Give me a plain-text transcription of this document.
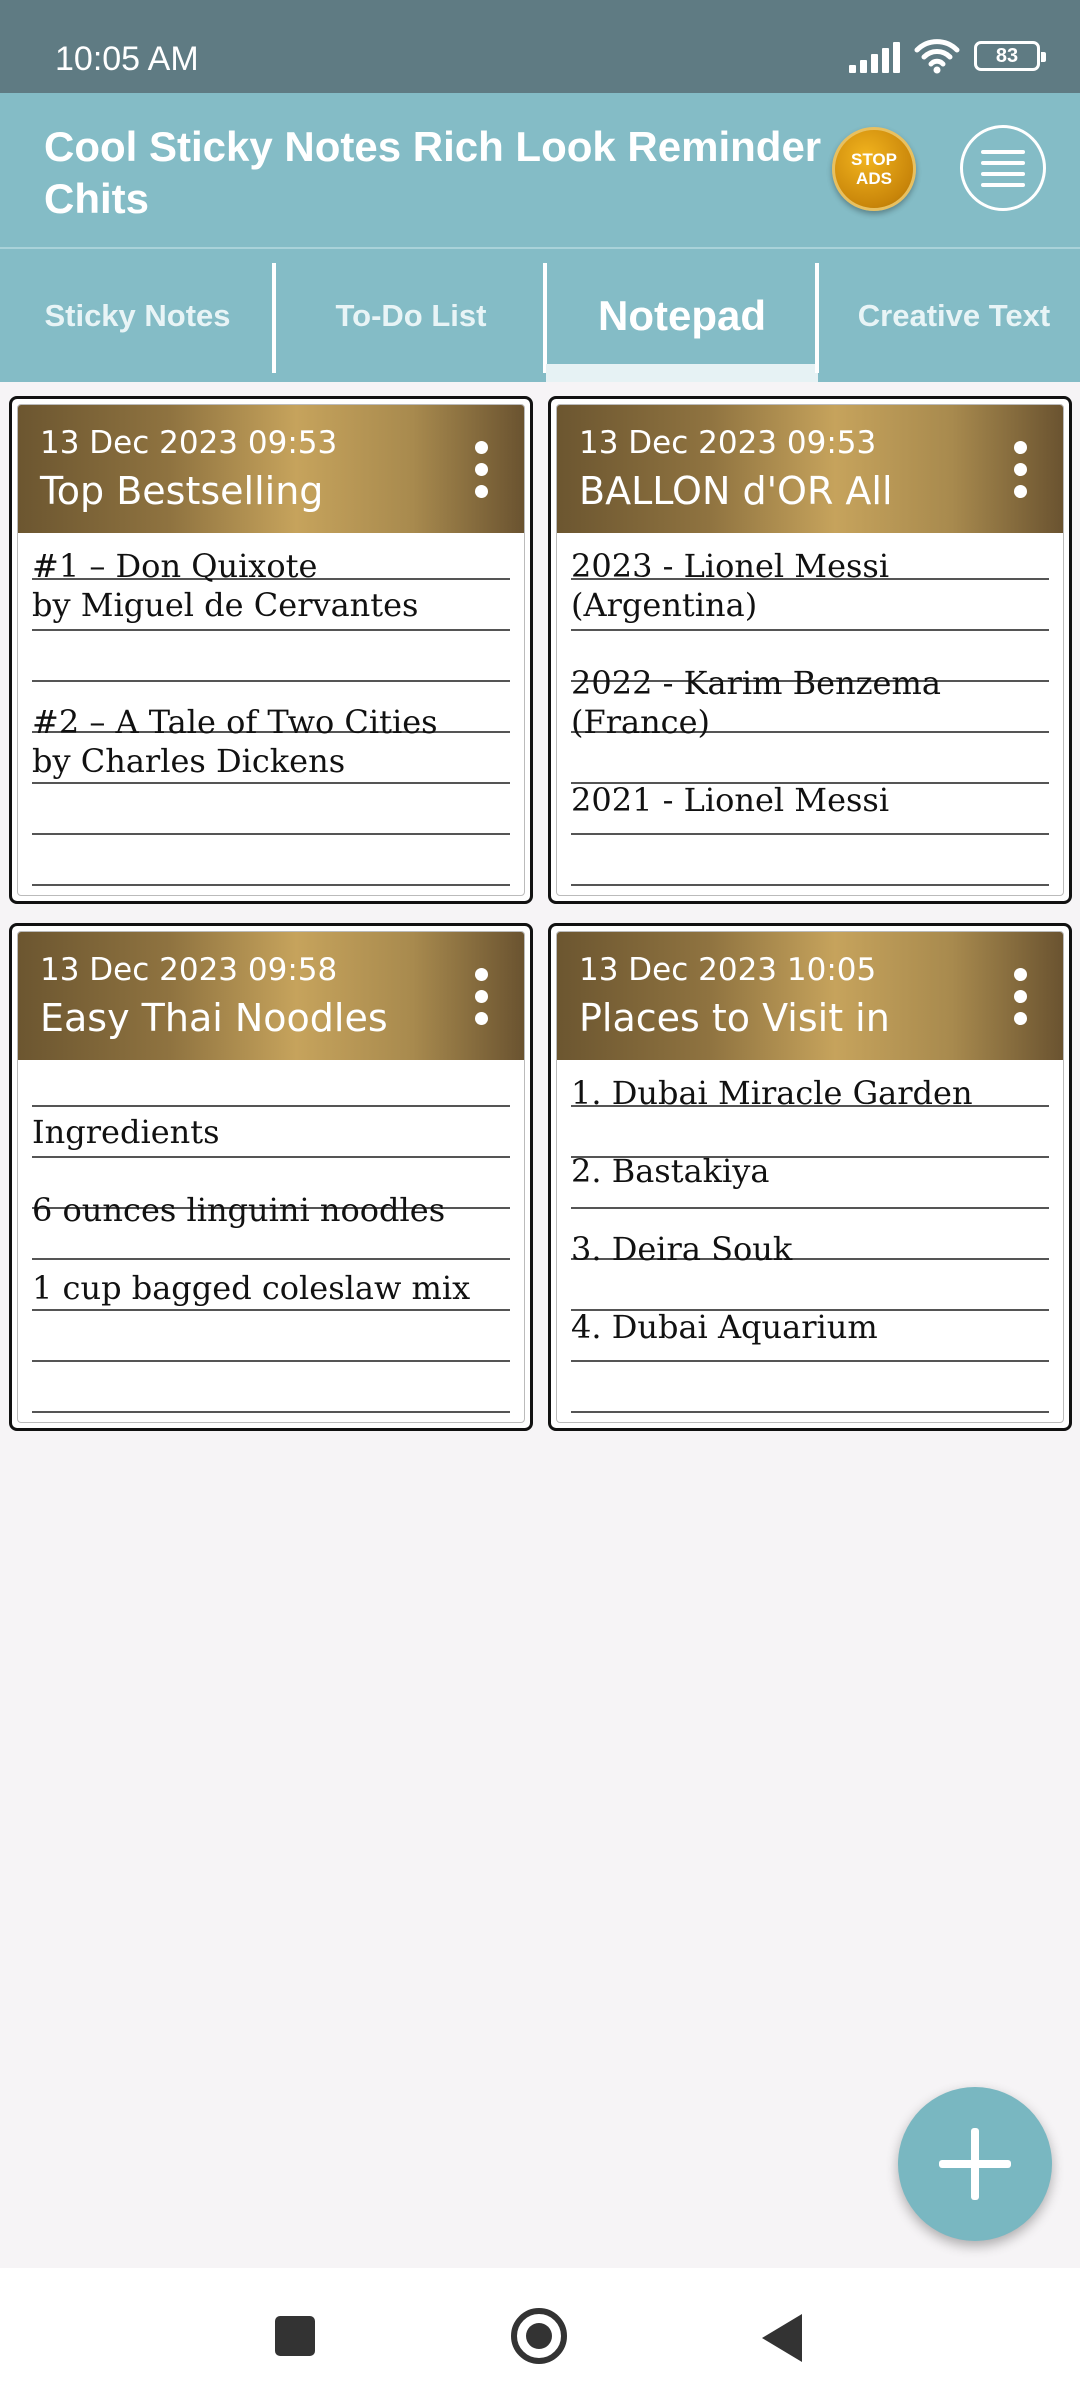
10:05 AM	83
Cool Sticky Notes Rich Look Reminder Chits
STOP
ADS
Sticky Notes	To-Do List	Notepad	Creative Text
13 Dec 2023 09:53
Top Bestselling
#1 – Don Quixote
by Miguel de Cervantes

#2 – A Tale of Two Cities
by Charles Dickens
13 Dec 2023 09:53
BALLON d'OR All
2023 - Lionel Messi
(Argentina)

2022 - Karim Benzema
(France)

2021 - Lionel Messi
13 Dec 2023 09:58
Easy Thai Noodles

Ingredients

6 ounces linguini noodles

1 cup bagged coleslaw mix
13 Dec 2023 10:05
Places to Visit in
1. Dubai Miracle Garden

2. Bastakiya

3. Deira Souk

4. Dubai Aquarium
